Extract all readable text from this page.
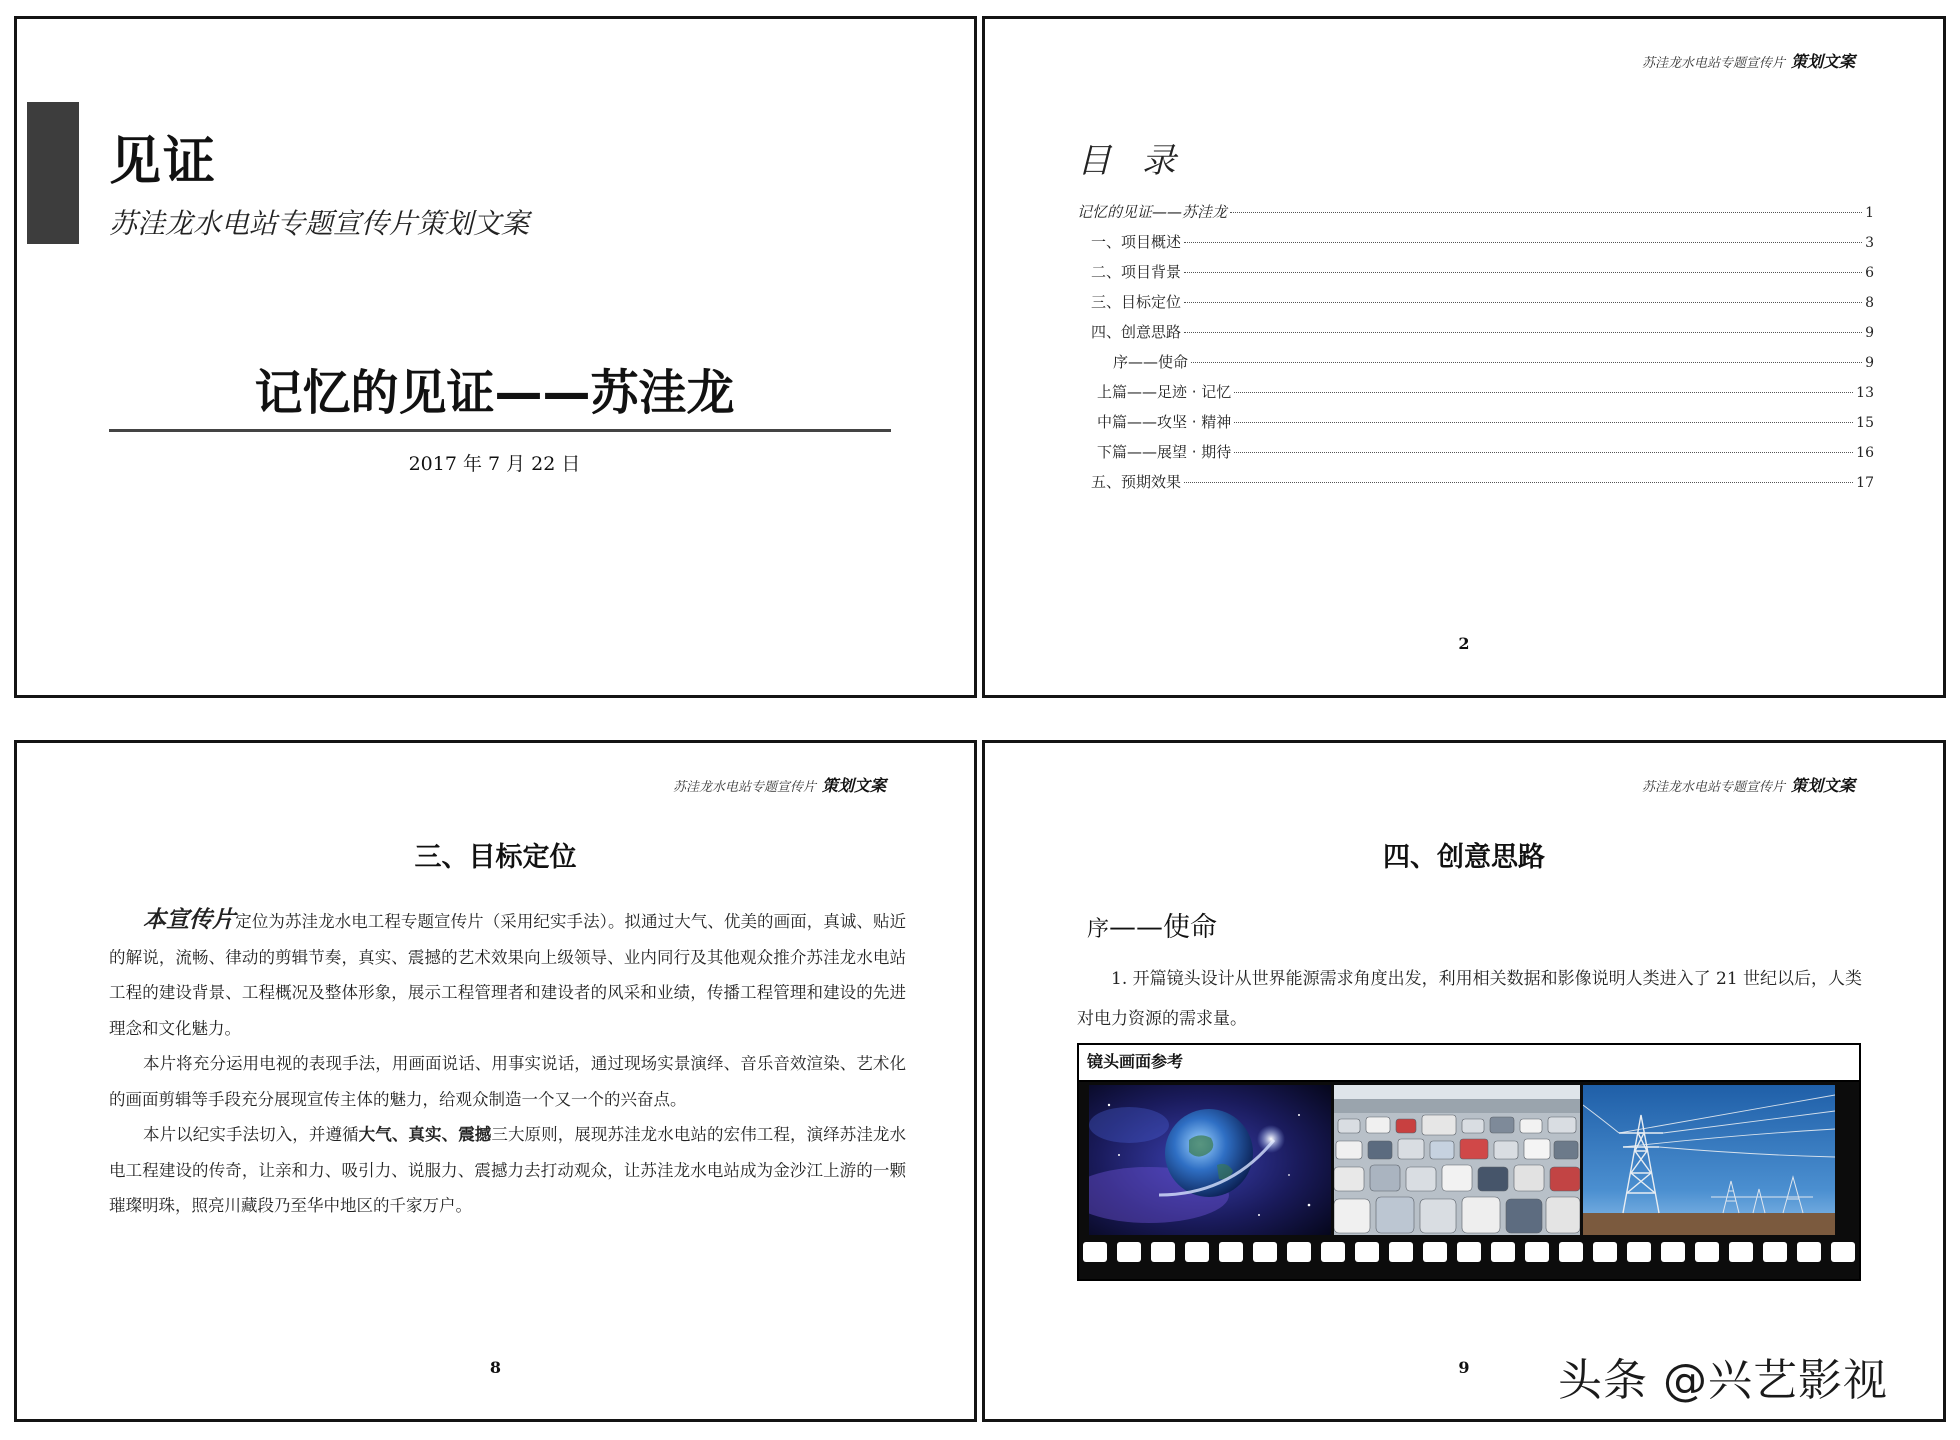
见证
苏洼龙水电站专题宣传片策划文案
记忆的见证——苏洼龙
2017 年 7 月 22 日
苏洼龙水电站专题宣传片 策划文案
目 录
记忆的见证——苏洼龙	1
一、项目概述	3
二、项目背景	6
三、目标定位	8
四、创意思路	9
序——使命	9
上篇——足迹 · 记忆	13
中篇——攻坚 · 精神	15
下篇——展望 · 期待	16
五、预期效果	17
2
苏洼龙水电站专题宣传片 策划文案
三、目标定位

本宣传片定位为苏洼龙水电工程专题宣传片（采用纪实手法）。拟通过大气、优美的画面，真诚、贴近的解说，流畅、律动的剪辑节奏，真实、震撼的艺术效果向上级领导、业内同行及其他观众推介苏洼龙水电站工程的建设背景、工程概况及整体形象，展示工程管理者和建设者的风采和业绩，传播工程管理和建设的先进理念和文化魅力。

本片将充分运用电视的表现手法，用画面说话、用事实说话，通过现场实景演绎、音乐音效渲染、艺术化的画面剪辑等手段充分展现宣传主体的魅力，给观众制造一个又一个的兴奋点。

本片以纪实手法切入，并遵循大气、真实、震撼三大原则，展现苏洼龙水电站的宏伟工程，演绎苏洼龙水电工程建设的传奇，让亲和力、吸引力、说服力、震撼力去打动观众，让苏洼龙水电站成为金沙江上游的一颗璀璨明珠，照亮川藏段乃至华中地区的千家万户。

8
苏洼龙水电站专题宣传片 策划文案
四、创意思路
序——使命
1. 开篇镜头设计从世界能源需求角度出发，利用相关数据和影像说明人类进入了 21 世纪以后，人类对电力资源的需求量。
镜头画面参考
9	头条 @兴艺影视
